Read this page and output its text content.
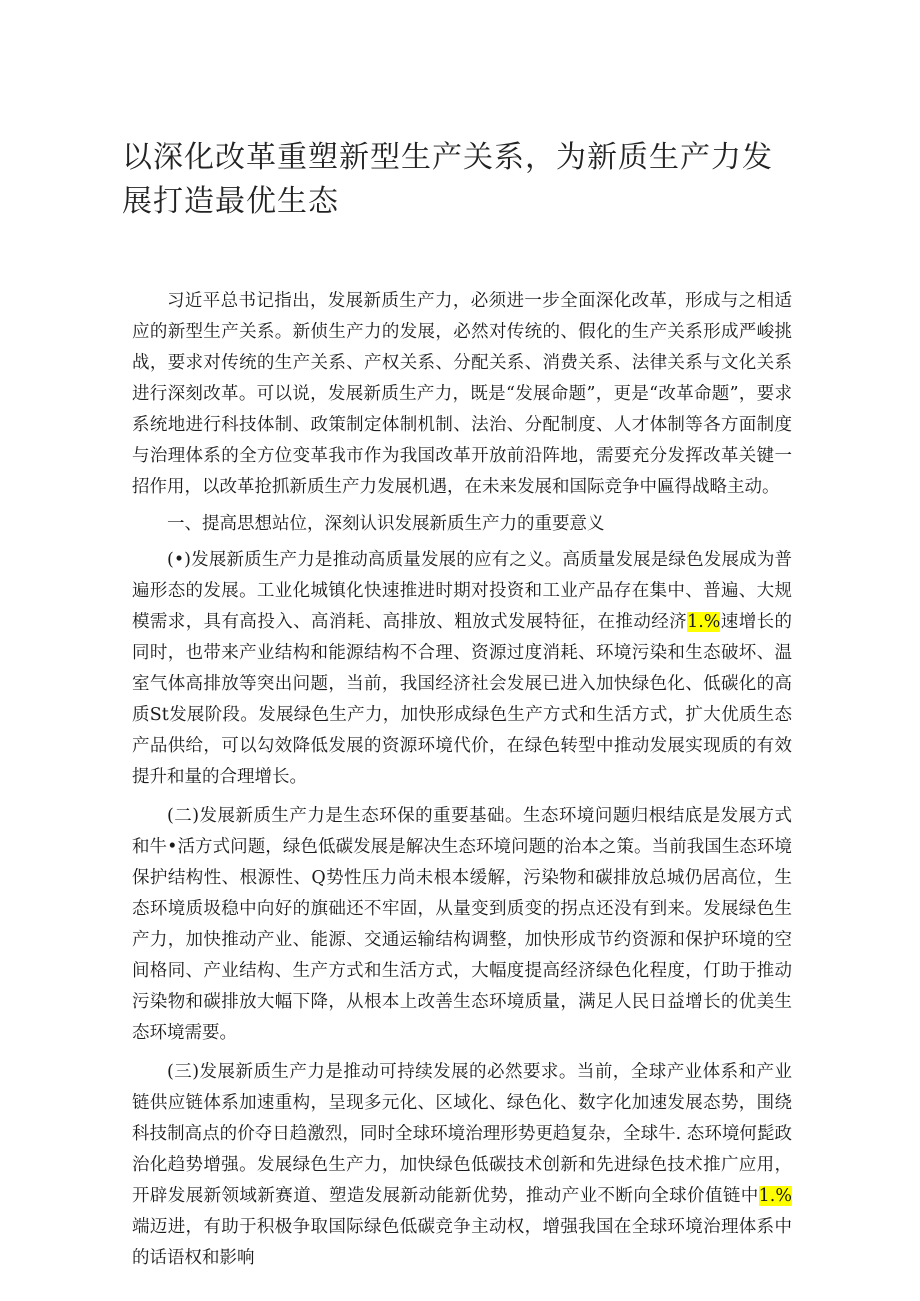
以深化改革重塑新型生产关系，为新质生产力发展打造最优生态

习近平总书记指出，发展新质生产力，必须进一步全面深化改革，形成与之相适应的新型生产关系。新侦生产力的发展，必然对传统的、假化的生产关系形成严峻挑战，要求对传统的生产关系、产权关系、分配关系、消费关系、法律关系与文化关系进行深刻改革。可以说，发展新质生产力，既是“发展命题”，更是“改革命题”，要求系统地进行科技体制、政策制定体制机制、法治、分配制度、人才体制等各方面制度与治理体系的全方位变革我市作为我国改革开放前沿阵地，需要充分发挥改革关键一招作用，以改革抢抓新质生产力发展机遇，在未来发展和国际竞争中匾得战略主动。

一、提高思想站位，深刻认识发展新质生产力的重要意义

(•)发展新质生产力是推动高质量发展的应有之义。高质量发展是绿色发展成为普遍形态的发展。工业化城镇化快速推进时期对投资和工业产品存在集中、普遍、大规模需求，具有高投入、高消耗、高排放、粗放式发展特征，在推动经济1.%速增长的同时，也带来产业结构和能源结构不合理、资源过度消耗、环境污染和生态破坏、温室气体高排放等突出问题，当前，我国经济社会发展已进入加快绿色化、低碳化的高质St发展阶段。发展绿色生产力，加快形成绿色生产方式和生活方式，扩大优质生态产品供给，可以勾效降低发展的资源环境代价，在绿色转型中推动发展实现质的有效提升和量的合理增长。

(二)发展新质生产力是生态环保的重要基础。生态环境问题归根结底是发展方式和牛•活方式问题，绿色低碳发展是解决生态环境问题的治本之策。当前我国生态环境保护结构性、根源性、Q势性压力尚未根本缓解，污染物和碳排放总城仍居高位，生态环境质圾稳中向好的旗础还不牢固，从量变到质变的拐点还没有到来。发展绿色生产力，加快推动产业、能源、交通运输结构调整，加快形成节约资源和保护环境的空间格同、产业结构、生产方式和生活方式，大幅度提高经济绿色化程度，仃助于推动污染物和碳排放大幅下降，从根本上改善生态环境质量，满足人民日益增长的优美生态环境需要。

(三)发展新质生产力是推动可持续发展的必然要求。当前，全球产业体系和产业链供应链体系加速重构，呈现多元化、区域化、绿色化、数字化加速发展态势，围绕科技制高点的价夺日趋激烈，同时全球环境治理形势更趋复杂，全球牛. 态环境何髭政治化趋势增强。发展绿色生产力，加快绿色低碳技术创新和先进绿色技术推广应用，开辟发展新领域新赛道、塑造发展新动能新优势，推动产业不断向全球价值链中1.%端迈进，有助于积极争取国际绿色低碳竞争主动权，增强我国在全球环境治理体系中的话语权和影响
